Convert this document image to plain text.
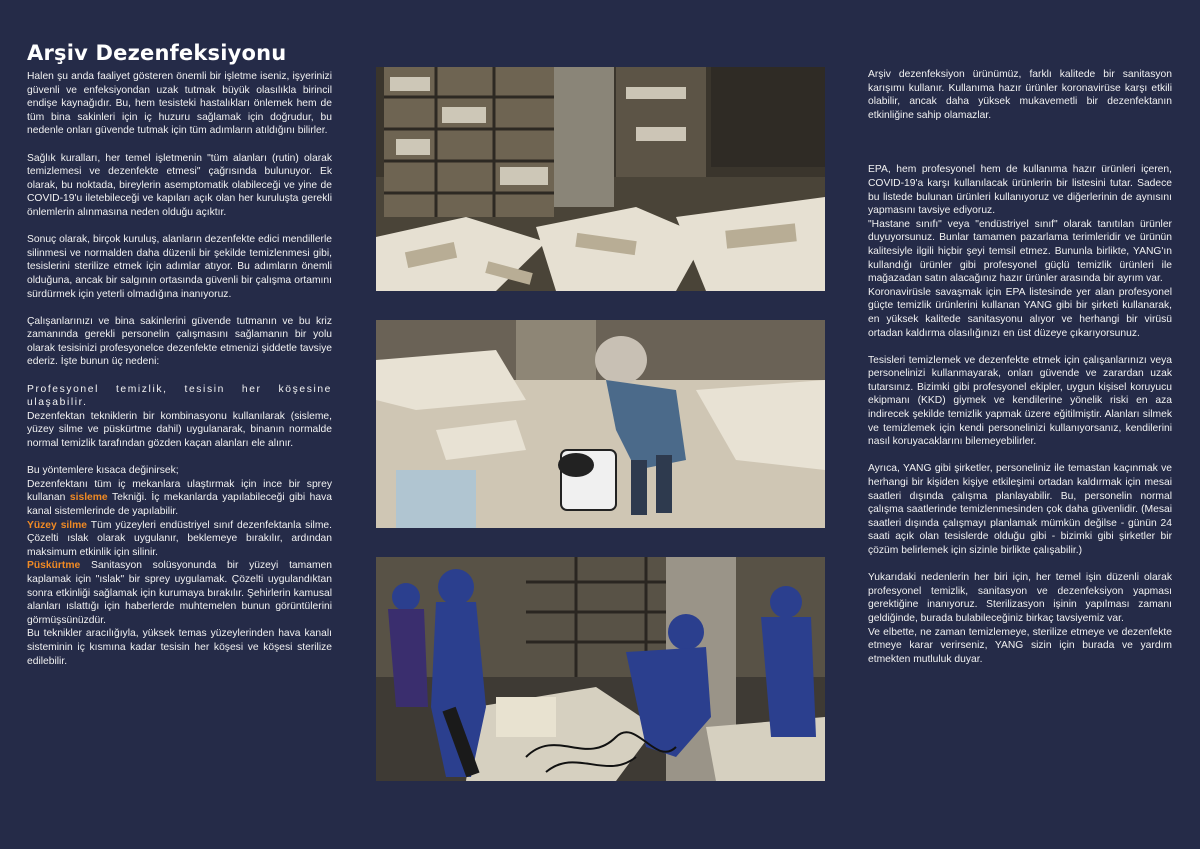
Arşiv Dezenfeksiyonu

Halen şu anda faaliyet gösteren önemli bir işletme iseniz, işyerinizi güvenli ve enfeksiyondan uzak tutmak büyük olasılıkla birincil endişe kaynağıdır. Bu, hem tesisteki hastalıkları önlemek hem de tüm bina sakinleri için iç huzuru sağlamak için doğrudur, bu nedenle onları güvende tutmak için tüm adımların atıldığını bilirler.

Sağlık kuralları, her temel işletmenin "tüm alanları (rutin) olarak temizlemesi ve dezenfekte etmesi" çağrısında bulunuyor. Ek olarak, bu noktada, bireylerin asemptomatik olabileceği ve yine de COVID-19'u iletebileceği ve kapıları açık olan her kuruluşta gerekli önlemlerin alınmasına neden olduğu açıktır.

Sonuç olarak, birçok kuruluş, alanların dezenfekte edici mendillerle silinmesi ve normalden daha düzenli bir şekilde temizlenmesi gibi, tesislerini sterilize etmek için adımlar atıyor. Bu adımların önemli olduğuna, ancak bir salgının ortasında güvenli bir çalışma ortamını sürdürmek için yeterli olmadığına inanıyoruz.

Çalışanlarınızı ve bina sakinlerini güvende tutmanın ve bu kriz zamanında gerekli personelin çalışmasını sağlamanın bir yolu olarak tesisinizi profesyonelce dezenfekte etmenizi şiddetle tavsiye ederiz. İşte bunun üç nedeni:

Profesyonel temizlik, tesisin her köşesine ulaşabilir.

Dezenfektan tekniklerin bir kombinasyonu kullanılarak (sisleme, yüzey silme ve püskürtme dahil) uygulanarak, binanın normalde normal temizlik tarafından gözden kaçan alanları ele alınır.

Bu yöntemlere kısaca değinirsek;

Dezenfektanı tüm iç mekanlara ulaştırmak için ince bir sprey kullanan sisleme Tekniği. İç mekanlarda yapılabileceği gibi hava kanal sistemlerinde de yapılabilir.

Yüzey silme Tüm yüzeyleri endüstriyel sınıf dezenfektanla silme. Çözelti ıslak olarak uygulanır, beklemeye bırakılır, ardından maksimum etkinlik için silinir.

Püskürtme Sanitasyon solüsyonunda bir yüzeyi tamamen kaplamak için "ıslak" bir sprey uygulamak. Çözelti uygulandıktan sonra etkinliği sağlamak için kurumaya bırakılır. Şehirlerin kamusal alanları ıslattığı için haberlerde muhtemelen bunun görüntülerini görmüşsünüzdür.

Bu teknikler aracılığıyla, yüksek temas yüzeylerinden hava kanalı sisteminin iç kısmına kadar tesisin her köşesi ve köşesi sterilize edilebilir.

Arşiv dezenfeksiyon ürünümüz, farklı kalitede bir sanitasyon karışımı kullanır. Kullanıma hazır ürünler koronavirüse karşı etkili olabilir, ancak daha yüksek mukavemetli bir dezenfektanın etkinliğine sahip olamazlar.

EPA, hem profesyonel hem de kullanıma hazır ürünleri içeren, COVID-19'a karşı kullanılacak ürünlerin bir listesini tutar. Sadece bu listede bulunan ürünleri kullanıyoruz ve diğerlerinin de aynısını yapmasını tavsiye ediyoruz.

"Hastane sınıfı" veya "endüstriyel sınıf" olarak tanıtılan ürünler duyuyorsunuz. Bunlar tamamen pazarlama terimleridir ve ürünün kalitesiyle ilgili hiçbir şeyi temsil etmez. Bununla birlikte, YANG'ın kullandığı ürünler gibi profesyonel güçlü temizlik ürünleri ile mağazadan satın alacağınız hazır ürünler arasında bir ayrım var.

Koronavirüsle savaşmak için EPA listesinde yer alan profesyonel güçte temizlik ürünlerini kullanan YANG gibi bir şirketi kullanarak, en yüksek kalitede sanitasyonu alıyor ve herhangi bir virüsü ortadan kaldırma olasılığınızı en üst düzeye çıkarıyorsunuz.

Tesisleri temizlemek ve dezenfekte etmek için çalışanlarınızı veya personelinizi kullanmayarak, onları güvende ve zarardan uzak tutarsınız. Bizimki gibi profesyonel ekipler, uygun kişisel koruyucu ekipmanı (KKD) giymek ve kendilerine yönelik riski en aza indirecek şekilde temizlik yapmak üzere eğitilmiştir. Alanları silmek ve temizlemek için kendi personelinizi kullanıyorsanız, kendilerini nasıl koruyacaklarını bilemeyebilirler.

Ayrıca, YANG gibi şirketler, personeliniz ile temastan kaçınmak ve herhangi bir kişiden kişiye etkileşimi ortadan kaldırmak için mesai saatleri dışında çalışma planlayabilir. Bu, personelin normal çalışma saatlerinde temizlenmesinden çok daha güvenlidir. (Mesai saatleri dışında çalışmayı planlamak mümkün değilse - günün 24 saati açık olan tesislerde olduğu gibi - bizimki gibi şirketler bir çözüm belirlemek için sizinle birlikte çalışabilir.)

Yukarıdaki nedenlerin her biri için, her temel işin düzenli olarak profesyonel temizlik, sanitasyon ve dezenfeksiyon yapması gerektiğine inanıyoruz. Sterilizasyon işinin yapılması zamanı geldiğinde, burada bulabileceğiniz birkaç tavsiyemiz var.

Ve elbette, ne zaman temizlemeye, sterilize etmeye ve dezenfekte etmeye karar verirseniz, YANG sizin için burada ve yardım etmekten mutluluk duyar.
